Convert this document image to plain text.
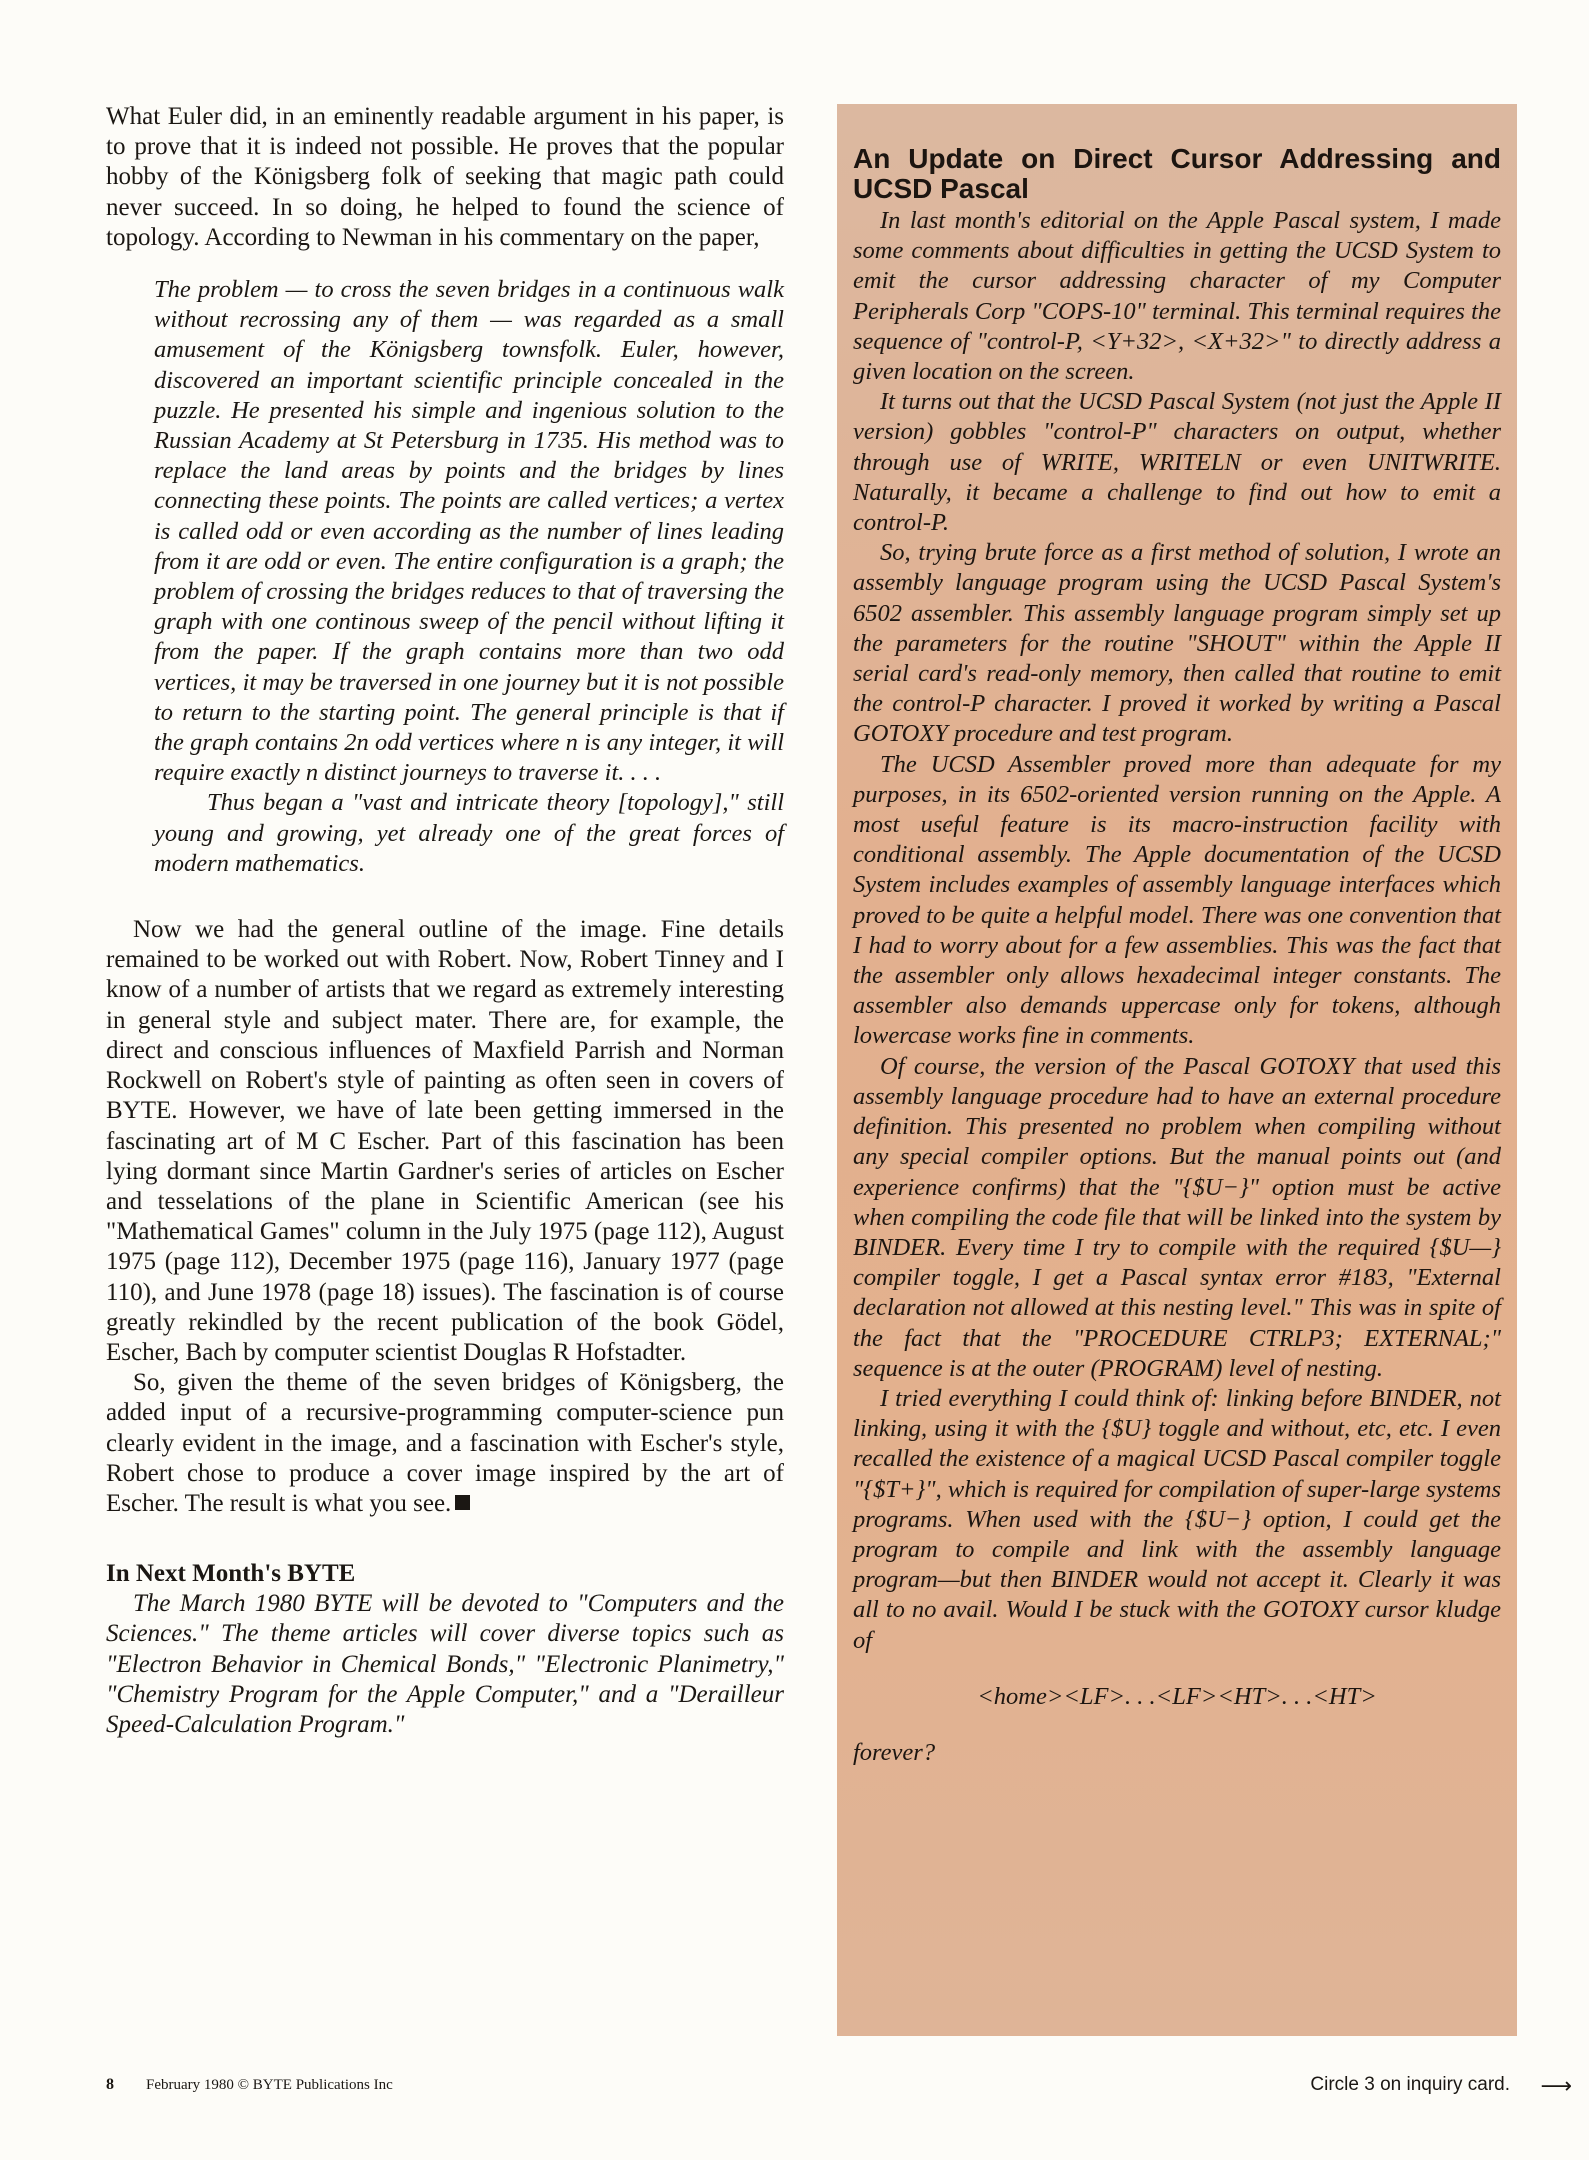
What Euler did, in an eminently readable argument in his paper, is to prove that it is indeed not possible. He proves that the popular hobby of the Königsberg folk of seeking that magic path could never succeed. In so doing, he helped to found the science of topology. According to Newman in his commentary on the paper,

The problem — to cross the seven bridges in a continuous walk without recrossing any of them — was regarded as a small amusement of the Königsberg townsfolk. Euler, however, discovered an important scientific principle concealed in the puzzle. He presented his simple and ingenious solution to the Russian Academy at St Petersburg in 1735. His method was to replace the land areas by points and the bridges by lines connecting these points. The points are called vertices; a vertex is called odd or even according as the number of lines leading from it are odd or even. The entire configuration is a graph; the problem of crossing the bridges reduces to that of traversing the graph with one continous sweep of the pencil without lifting it from the paper. If the graph contains more than two odd vertices, it may be traversed in one journey but it is not possible to return to the starting point. The general principle is that if the graph contains 2n odd vertices where n is any integer, it will require exactly n distinct journeys to traverse it. . . .

Thus began a "vast and intricate theory [topology]," still young and growing, yet already one of the great forces of modern mathematics.

Now we had the general outline of the image. Fine details remained to be worked out with Robert. Now, Robert Tinney and I know of a number of artists that we regard as extremely interesting in general style and subject mater. There are, for example, the direct and conscious influences of Maxfield Parrish and Norman Rockwell on Robert's style of painting as often seen in covers of BYTE. However, we have of late been getting immersed in the fascinating art of M C Escher. Part of this fascination has been lying dormant since Martin Gardner's series of articles on Escher and tesselations of the plane in Scientific American (see his "Mathematical Games" column in the July 1975 (page 112), August 1975 (page 112), December 1975 (page 116), January 1977 (page 110), and June 1978 (page 18) issues). The fascination is of course greatly rekindled by the recent publication of the book Gödel, Escher, Bach by computer scientist Douglas R Hofstadter.

So, given the theme of the seven bridges of Königsberg, the added input of a recursive-programming computer-science pun clearly evident in the image, and a fascination with Escher's style, Robert chose to produce a cover image inspired by the art of Escher. The result is what you see.

In Next Month's BYTE

The March 1980 BYTE will be devoted to "Computers and the Sciences." The theme articles will cover diverse topics such as "Electron Behavior in Chemical Bonds," "Electronic Planimetry," "Chemistry Program for the Apple Computer," and a "Derailleur Speed-Calculation Program."

An Update on Direct Cursor Addressing and UCSD Pascal

In last month's editorial on the Apple Pascal system, I made some comments about difficulties in getting the UCSD System to emit the cursor addressing character of my Computer Peripherals Corp "COPS-10" terminal. This terminal requires the sequence of "control-P, <Y+32>, <X+32>" to directly address a given location on the screen.

It turns out that the UCSD Pascal System (not just the Apple II version) gobbles "control-P" characters on output, whether through use of WRITE, WRITELN or even UNITWRITE. Naturally, it became a challenge to find out how to emit a control-P.

So, trying brute force as a first method of solution, I wrote an assembly language program using the UCSD Pascal System's 6502 assembler. This assembly language program simply set up the parameters for the routine "SHOUT" within the Apple II serial card's read-only memory, then called that routine to emit the control-P character. I proved it worked by writing a Pascal GOTOXY procedure and test program.

The UCSD Assembler proved more than adequate for my purposes, in its 6502-oriented version running on the Apple. A most useful feature is its macro-instruction facility with conditional assembly. The Apple documentation of the UCSD System includes examples of assembly language interfaces which proved to be quite a helpful model. There was one convention that I had to worry about for a few assemblies. This was the fact that the assembler only allows hexadecimal integer constants. The assembler also demands uppercase only for tokens, although lowercase works fine in comments.

Of course, the version of the Pascal GOTOXY that used this assembly language procedure had to have an external procedure definition. This presented no problem when compiling without any special compiler options. But the manual points out (and experience confirms) that the "{$U−}" option must be active when compiling the code file that will be linked into the system by BINDER. Every time I try to compile with the required {$U—} compiler toggle, I get a Pascal syntax error #183, "External declaration not allowed at this nesting level." This was in spite of the fact that the "PROCEDURE CTRLP3; EXTERNAL;" sequence is at the outer (PROGRAM) level of nesting.

I tried everything I could think of: linking before BINDER, not linking, using it with the {$U} toggle and without, etc, etc. I even recalled the existence of a magical UCSD Pascal compiler toggle "{$T+}", which is required for compilation of super-large systems programs. When used with the {$U−} option, I could get the program to compile and link with the assembly language program—but then BINDER would not accept it. Clearly it was all to no avail. Would I be stuck with the GOTOXY cursor kludge of

<home><LF>. . .<LF><HT>. . .<HT>

forever?

8 February 1980 © BYTE Publications Inc	Circle 3 on inquiry card. ⟶
